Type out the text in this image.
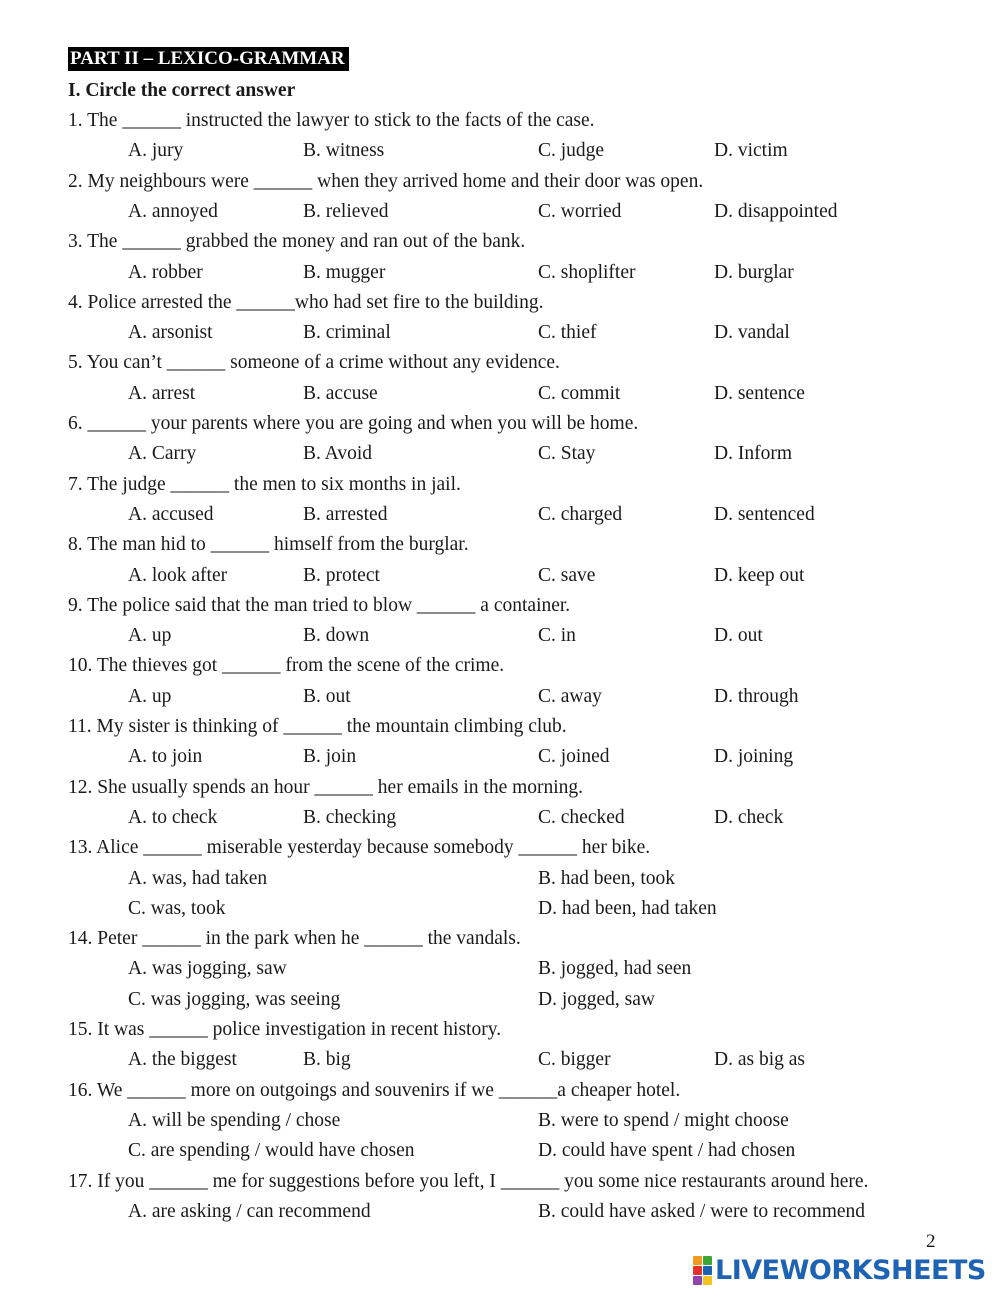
PART II – LEXICO-GRAMMAR
I. Circle the correct answer
1. The ______ instructed the lawyer to stick to the facts of the case.
A. jury	B. witness	C. judge	D. victim
2. My neighbours were ______ when they arrived home and their door was open.
A. annoyed	B. relieved	C. worried	D. disappointed
3. The ______ grabbed the money and ran out of the bank.
A. robber	B. mugger	C. shoplifter	D. burglar
4. Police arrested the ______who had set fire to the building.
A. arsonist	B. criminal	C. thief	D. vandal
5. You can’t ______ someone of a crime without any evidence.
A. arrest	B. accuse	C. commit	D. sentence
6. ______ your parents where you are going and when you will be home.
A. Carry	B. Avoid	C. Stay	D. Inform
7. The judge ______ the men to six months in jail.
A. accused	B. arrested	C. charged	D. sentenced
8. The man hid to ______ himself from the burglar.
A. look after	B. protect	C. save	D. keep out
9. The police said that the man tried to blow ______ a container.
A. up	B. down	C. in	D. out
10. The thieves got ______ from the scene of the crime.
A. up	B. out	C. away	D. through
11. My sister is thinking of ______ the mountain climbing club.
A. to join	B. join	C. joined	D. joining
12. She usually spends an hour ______ her emails in the morning.
A. to check	B. checking	C. checked	D. check
13. Alice ______ miserable yesterday because somebody ______ her bike.
A. was, had taken	B. had been, took
C. was, took	D. had been, had taken
14. Peter ______ in the park when he ______ the vandals.
A. was jogging, saw	B. jogged, had seen
C. was jogging, was seeing	D. jogged, saw
15. It was ______ police investigation in recent history.
A. the biggest	B. big	C. bigger	D. as big as
16. We ______ more on outgoings and souvenirs if we ______a cheaper hotel.
A. will be spending / chose	B. were to spend / might choose
C. are spending / would have chosen	D. could have spent / had chosen
17. If you ______ me for suggestions before you left, I ______ you some nice restaurants around here.
A. are asking / can recommend	B. could have asked / were to recommend
2
LIVEWORKSHEETS
